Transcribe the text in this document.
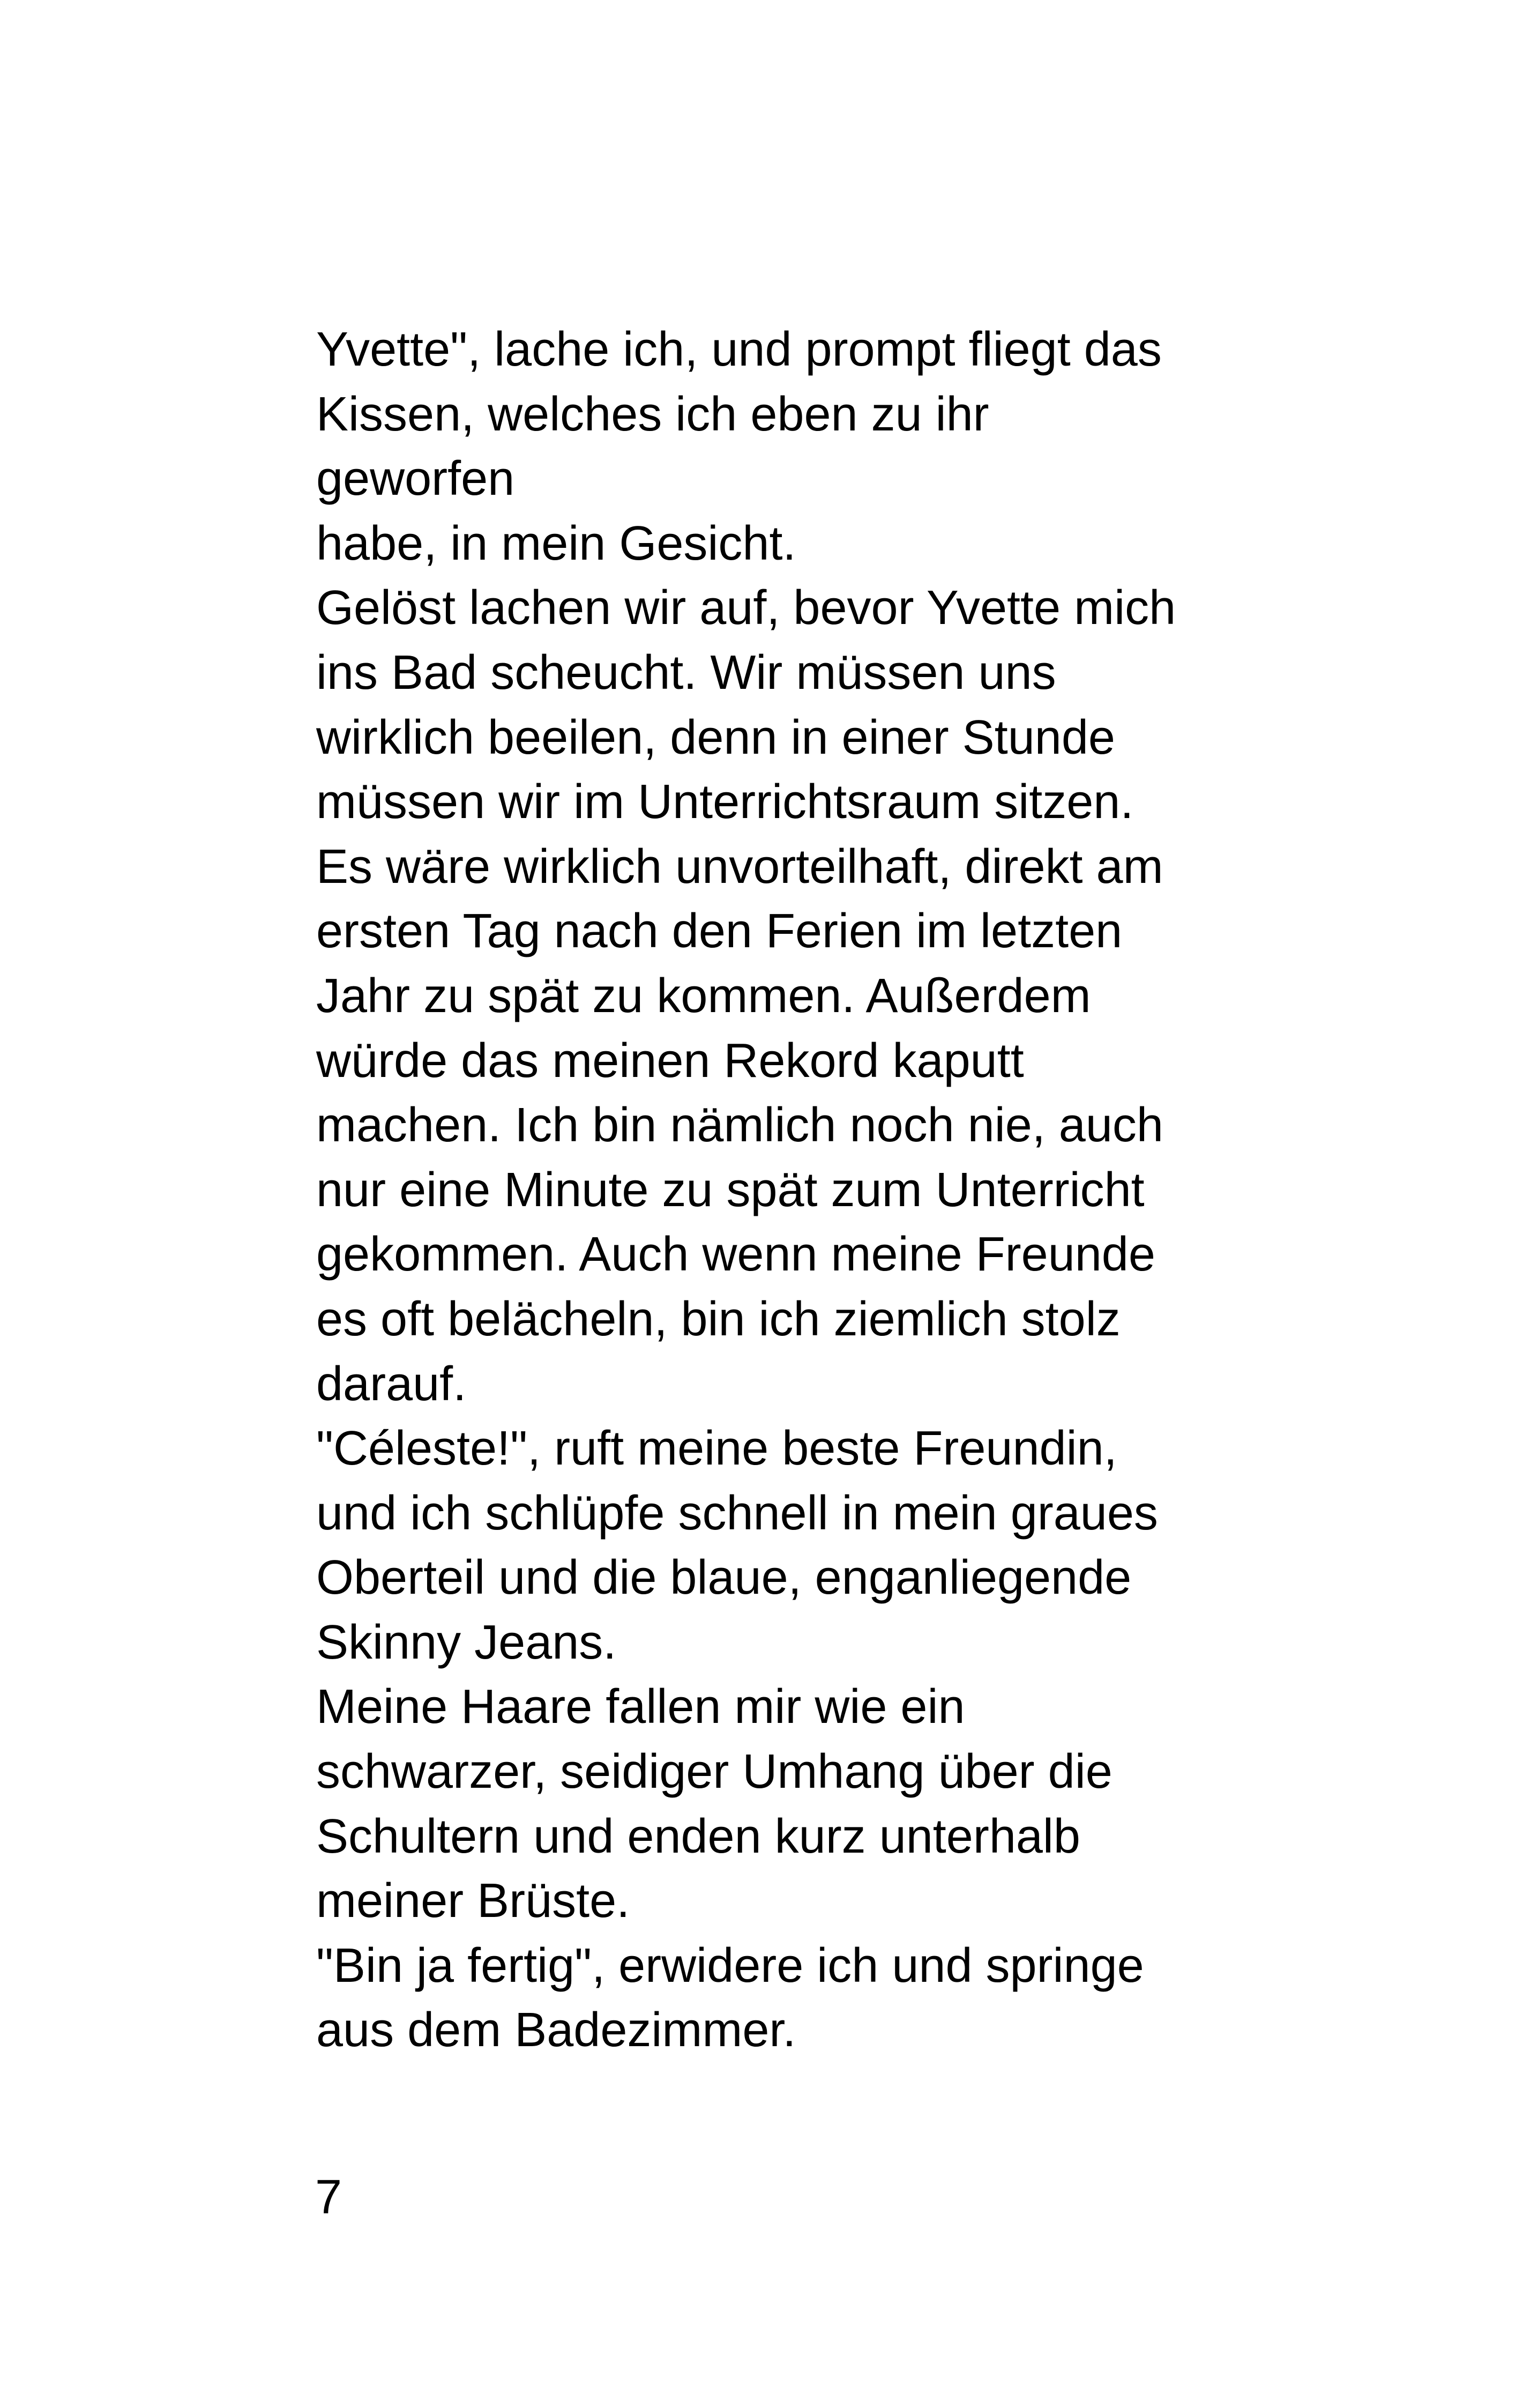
Yvette", lache ich, und prompt fliegt das
Kissen, welches ich eben zu ihr
geworfen
habe, in mein Gesicht.
Gelöst lachen wir auf, bevor Yvette mich
ins Bad scheucht. Wir müssen uns
wirklich beeilen, denn in einer Stunde
müssen wir im Unterrichtsraum sitzen.
Es wäre wirklich unvorteilhaft, direkt am
ersten Tag nach den Ferien im letzten
Jahr zu spät zu kommen. Außerdem
würde das meinen Rekord kaputt
machen. Ich bin nämlich noch nie, auch
nur eine Minute zu spät zum Unterricht
gekommen. Auch wenn meine Freunde
es oft belächeln, bin ich ziemlich stolz
darauf.
"Céleste!", ruft meine beste Freundin,
und ich schlüpfe schnell in mein graues
Oberteil und die blaue, enganliegende
Skinny Jeans.
Meine Haare fallen mir wie ein
schwarzer, seidiger Umhang über die
Schultern und enden kurz unterhalb
meiner Brüste.
"Bin ja fertig", erwidere ich und springe
aus dem Badezimmer.
7
